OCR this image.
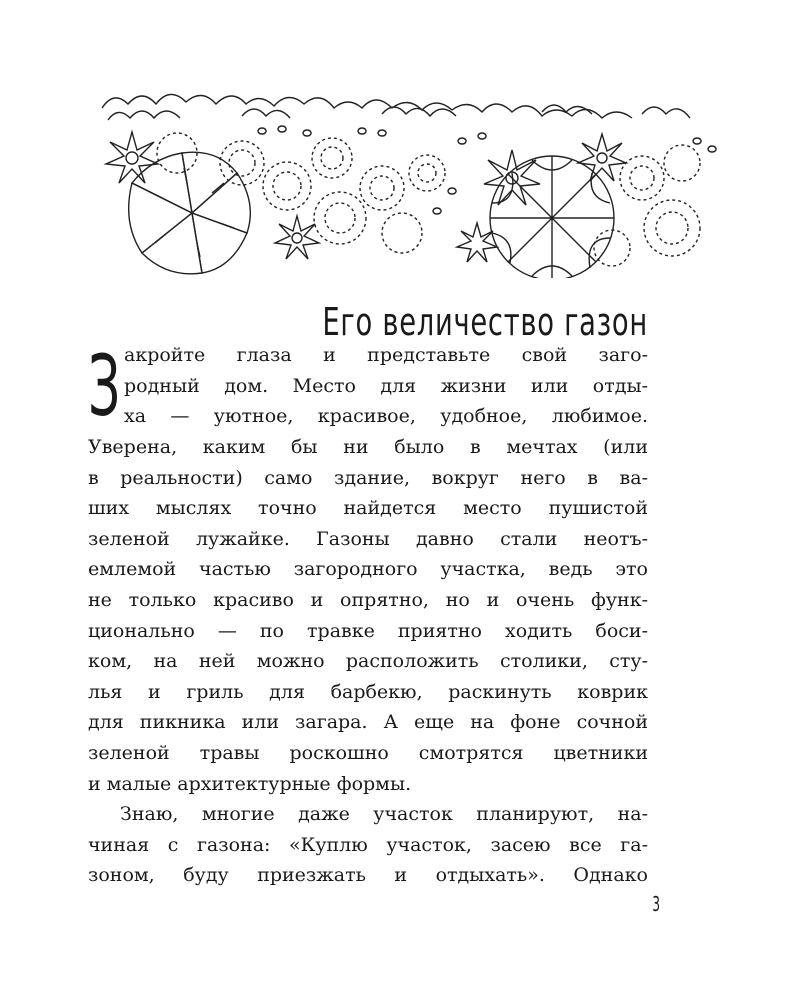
Его величество газон
З акройте глаза и представьте свой заго-
родный дом. Место для жизни или отды-
ха — уютное, красивое, удобное, любимое.
Уверена, каким бы ни было в мечтах (или
в реальности) само здание, вокруг него в ва-
ших мыслях точно найдется место пушистой
зеленой лужайке. Газоны давно стали неотъ-
емлемой частью загородного участка, ведь это
не только красиво и опрятно, но и очень функ-
ционально — по травке приятно ходить боси-
ком, на ней можно расположить столики, сту-
лья и гриль для барбекю, раскинуть коврик
для пикника или загара. А еще на фоне сочной
зеленой травы роскошно смотрятся цветники
и малые архитектурные формы.
Знаю, многие даже участок планируют, на-
чиная с газона: «Куплю участок, засею все га-
зоном, буду приезжать и отдыхать». Однако
3
